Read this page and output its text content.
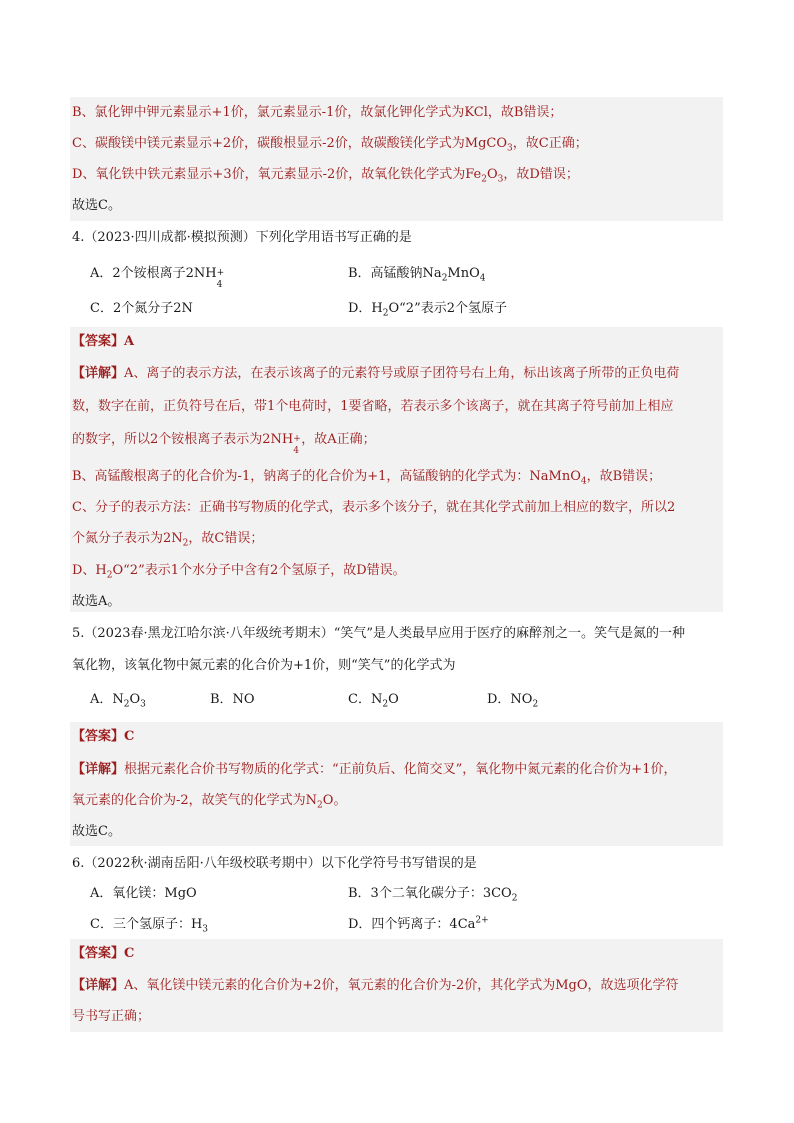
B、氯化钾中钾元素显示+1价，氯元素显示-1价，故氯化钾化学式为KCl，故B错误；
C、碳酸镁中镁元素显示+2价，碳酸根显示-2价，故碳酸镁化学式为MgCO$_3$，故C正确；
D、氧化铁中铁元素显示+3价，氧元素显示-2价，故氧化铁化学式为$Fe_2O_3$，故D错误；
故选C。
4.（2023·四川成都·模拟预测）下列化学用语书写正确的是
A．2个铵根离子2NH +
4
B．高锰酸钠$Na_2MnO_4$
C．2个氮分子2N	D．$H_2O“2$”表示2个氢原子
【答案】A
【详解】A、离子的表示方法，在表示该离子的元素符号或原子团符号右上角，标出该离子所带的正负电荷
数，数字在前，正负符号在后，带1个电荷时，1要省略，若表示多个该离子，就在其离子符号前加上相应
的数字，所以2个铵根离子表示为2NH + ，故A正确；
B、高锰酸根离子的化合价为-1，钠离子的化合价为+1，高锰酸钠的化学式为：NaMnO$_4$，故B错误；
C、分子的表示方法：正确书写物质的化学式，表示多个该分子，就在其化学式前加上相应的数字，所以2
个氮分子表示为$2N_2$，故C错误；
D、$H_2O“2$”表示1个水分子中含有2个氢原子，故D错误。
故选A。
5.（2023春·黑龙江哈尔滨·八年级统考期末）“笑气”是人类最早应用于医疗的麻醉剂之一。笑气是氮的一种
氧化物，该氧化物中氮元素的化合价为+1价，则“笑气”的化学式为
A．$N_2O_3$	B．NO	C．$N_2O$	D．$NO_2$
【答案】C
【详解】根据元素化合价书写物质的化学式：“正前负后、化简交叉”，氧化物中氮元素的化合价为+1价，
氧元素的化合价为-2，故笑气的化学式为$N_2O$。
故选C。
6.（2022秋·湖南岳阳·八年级校联考期中）以下化学符号书写错误的是
A．氧化镁：MgO	B．3个二氧化碳分子：$3CO_2$
C．三个氢原子：$H_3$	D．四个钙离子：$4Ca^{2+}$
【答案】C
【详解】A、氧化镁中镁元素的化合价为+2价，氧元素的化合价为-2价，其化学式为MgO，故选项化学符
号书写正确；
